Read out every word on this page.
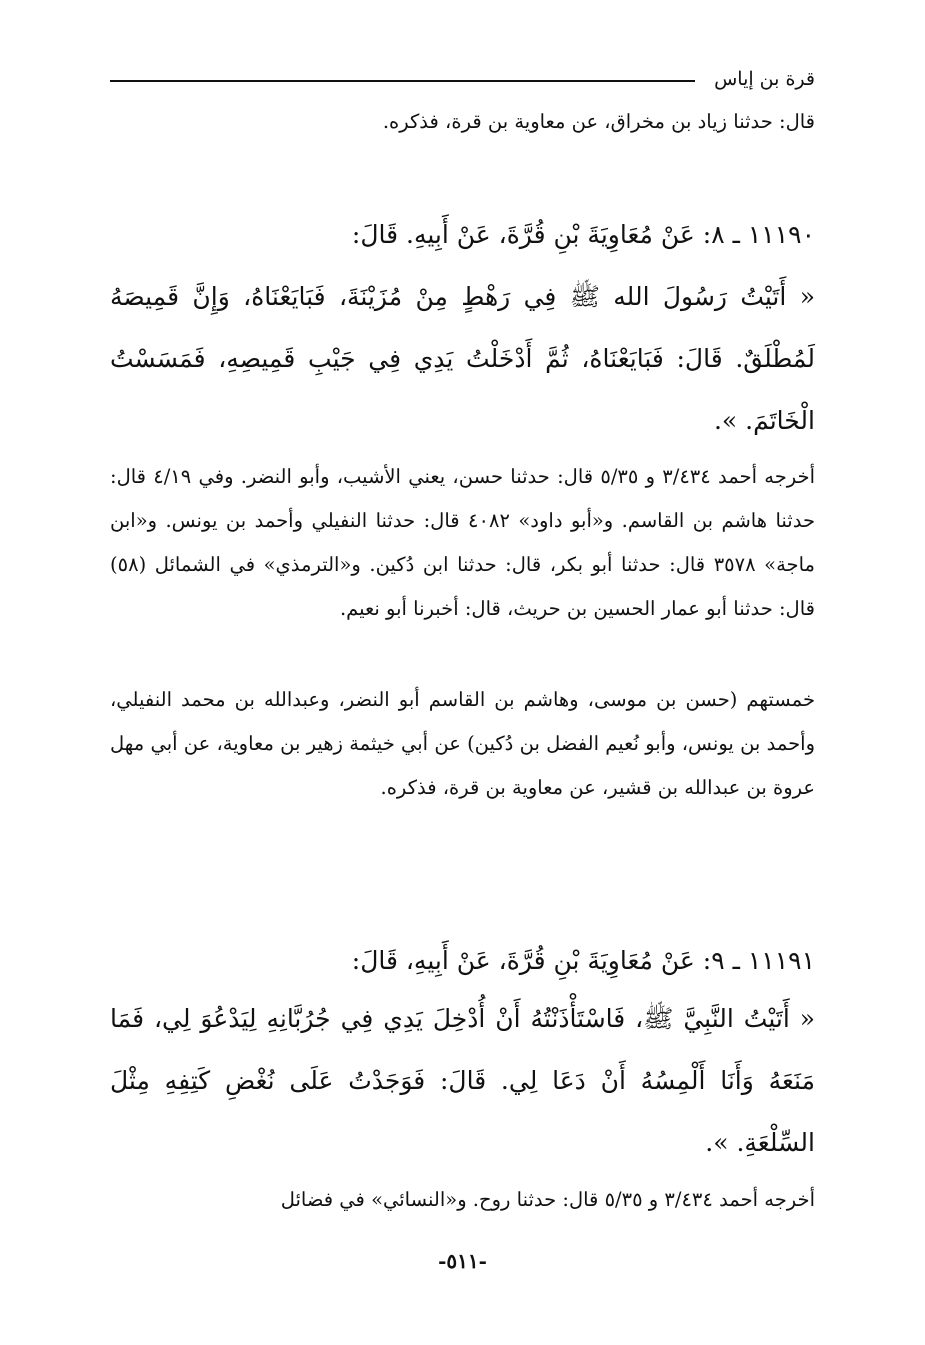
قرة بن إياس

قال: حدثنا زياد بن مخراق، عن معاوية بن قرة، فذكره.

١١١٩٠ ـ ٨: عَنْ مُعَاوِيَةَ بْنِ قُرَّةَ، عَنْ أَبِيهِ. قَالَ:

« أَتَيْتُ رَسُولَ الله ﷺ فِي رَهْطٍ مِنْ مُزَيْنَةَ، فَبَايَعْنَاهُ، وَإِنَّ قَمِيصَهُ لَمُطْلَقٌ. قَالَ: فَبَايَعْنَاهُ، ثُمَّ أَدْخَلْتُ يَدِي فِي جَيْبِ قَمِيصِهِ، فَمَسَسْتُ الْخَاتَمَ. ».

أخرجه أحمد ٣/٤٣٤ و ٥/٣٥ قال: حدثنا حسن، يعني الأشيب، وأبو النضر. وفي ٤/١٩ قال: حدثنا هاشم بن القاسم. و«أبو داود» ٤٠٨٢ قال: حدثنا النفيلي وأحمد بن يونس. و«ابن ماجة» ٣٥٧٨ قال: حدثنا أبو بكر، قال: حدثنا ابن دُكين. و«الترمذي» في الشمائل (٥٨) قال: حدثنا أبو عمار الحسين بن حريث، قال: أخبرنا أبو نعيم.

خمستهم (حسن بن موسى، وهاشم بن القاسم أبو النضر، وعبدالله بن محمد النفيلي، وأحمد بن يونس، وأبو نُعيم الفضل بن دُكين) عن أبي خيثمة زهير بن معاوية، عن أبي مهل عروة بن عبدالله بن قشير، عن معاوية بن قرة، فذكره.

١١١٩١ ـ ٩: عَنْ مُعَاوِيَةَ بْنِ قُرَّةَ، عَنْ أَبِيهِ، قَالَ:

« أَتَيْتُ النَّبِيَّ ﷺ، فَاسْتَأْذَنْتُهُ أَنْ أُدْخِلَ يَدِي فِي جُرُبَّانِهِ لِيَدْعُوَ لِي، فَمَا مَنَعَهُ وَأَنَا أَلْمِسُهُ أَنْ دَعَا لِي. قَالَ: فَوَجَدْتُ عَلَى نُغْضِ كَتِفِهِ مِثْلَ السِّلْعَةِ. ».

أخرجه أحمد ٣/٤٣٤ و ٥/٣٥ قال: حدثنا روح. و«النسائي» في فضائل

-٥١١-
